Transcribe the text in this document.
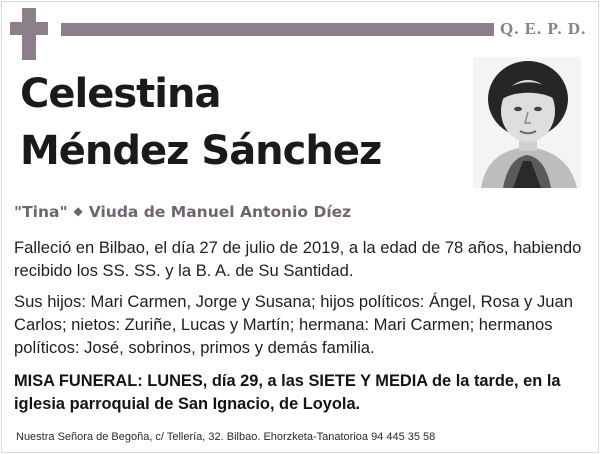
Q. E. P. D.
Celestina
Méndez Sánchez
"Tina" ◆ Viuda de Manuel Antonio Díez
Falleció en Bilbao, el día 27 de julio de 2019, a la edad de 78 años, habiendo recibido los SS. SS. y la B. A. de Su Santidad.
Sus hijos: Mari Carmen, Jorge y Susana; hijos políticos: Ángel, Rosa y Juan Carlos; nietos: Zuriñe, Lucas y Martín; hermana: Mari Carmen; hermanos políticos: José, sobrinos, primos y demás familia.
MISA FUNERAL: LUNES, día 29, a las SIETE Y MEDIA de la tarde, en la iglesia parroquial de San Ignacio, de Loyola.
Nuestra Señora de Begoña, c/ Tellería, 32. Bilbao. Ehorzketa-Tanatorioa 94 445 35 58
